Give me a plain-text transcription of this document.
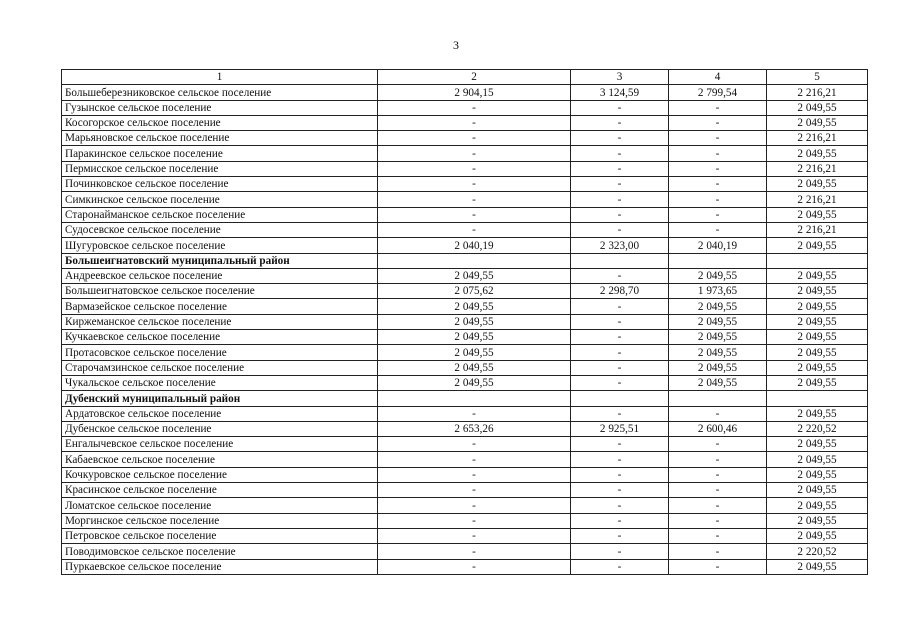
3
1	2	3	4	5
Большеберезниковское сельское поселение	2 904,15	3 124,59	2 799,54	2 216,21
Гузынское сельское поселение	-	-	-	2 049,55
Косогорское сельское поселение	-	-	-	2 049,55
Марьяновское сельское поселение	-	-	-	2 216,21
Паракинское сельское поселение	-	-	-	2 049,55
Пермисское сельское поселение	-	-	-	2 216,21
Починковское сельское поселение	-	-	-	2 049,55
Симкинское сельское поселение	-	-	-	2 216,21
Старонайманское сельское поселение	-	-	-	2 049,55
Судосевское сельское поселение	-	-	-	2 216,21
Шугуровское сельское поселение	2 040,19	2 323,00	2 040,19	2 049,55
Большеигнатовский муниципальный район				
Андреевское сельское поселение	2 049,55	-	2 049,55	2 049,55
Большеигнатовское сельское поселение	2 075,62	2 298,70	1 973,65	2 049,55
Вармазейское сельское поселение	2 049,55	-	2 049,55	2 049,55
Киржеманское сельское поселение	2 049,55	-	2 049,55	2 049,55
Кучкаевское сельское поселение	2 049,55	-	2 049,55	2 049,55
Протасовское сельское поселение	2 049,55	-	2 049,55	2 049,55
Старочамзинское сельское поселение	2 049,55	-	2 049,55	2 049,55
Чукальское сельское поселение	2 049,55	-	2 049,55	2 049,55
Дубенский муниципальный район				
Ардатовское сельское поселение	-	-	-	2 049,55
Дубенское сельское поселение	2 653,26	2 925,51	2 600,46	2 220,52
Енгалычевское сельское поселение	-	-	-	2 049,55
Кабаевское сельское поселение	-	-	-	2 049,55
Кочкуровское сельское поселение	-	-	-	2 049,55
Красинское сельское поселение	-	-	-	2 049,55
Ломатское сельское поселение	-	-	-	2 049,55
Моргинское сельское поселение	-	-	-	2 049,55
Петровское сельское поселение	-	-	-	2 049,55
Поводимовское сельское поселение	-	-	-	2 220,52
Пуркаевское сельское поселение	-	-	-	2 049,55
